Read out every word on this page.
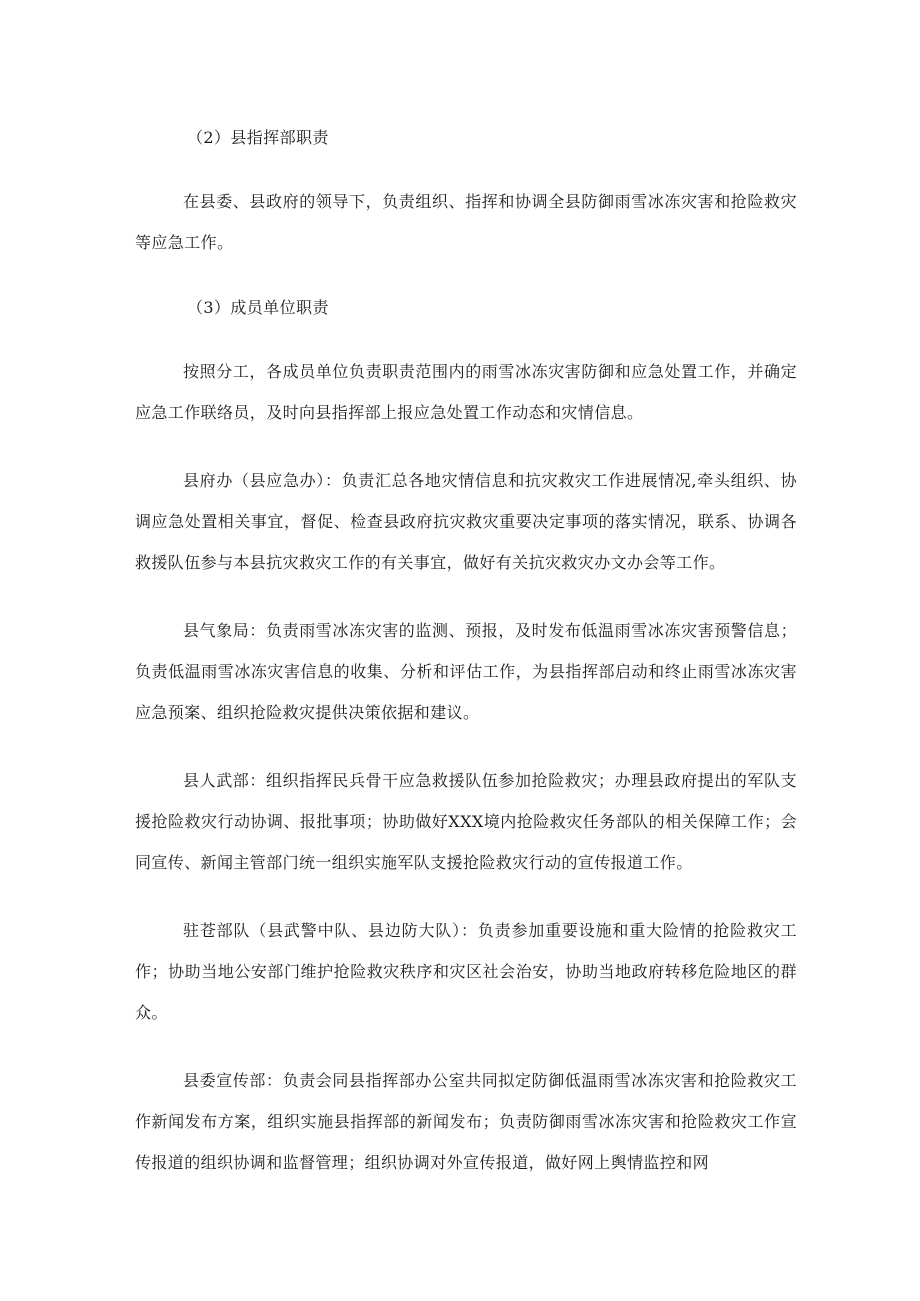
（2）县指挥部职责

在县委、县政府的领导下，负责组织、指挥和协调全县防御雨雪冰冻灾害和抢险救灾等应急工作。

（3）成员单位职责

按照分工，各成员单位负责职责范围内的雨雪冰冻灾害防御和应急处置工作，并确定应急工作联络员，及时向县指挥部上报应急处置工作动态和灾情信息。

县府办（县应急办）：负责汇总各地灾情信息和抗灾救灾工作进展情况,牵头组织、协调应急处置相关事宜，督促、检查县政府抗灾救灾重要决定事项的落实情况，联系、协调各救援队伍参与本县抗灾救灾工作的有关事宜，做好有关抗灾救灾办文办会等工作。

县气象局：负责雨雪冰冻灾害的监测、预报，及时发布低温雨雪冰冻灾害预警信息；负责低温雨雪冰冻灾害信息的收集、分析和评估工作，为县指挥部启动和终止雨雪冰冻灾害应急预案、组织抢险救灾提供决策依据和建议。

县人武部：组织指挥民兵骨干应急救援队伍参加抢险救灾；办理县政府提出的军队支援抢险救灾行动协调、报批事项；协助做好XXX境内抢险救灾任务部队的相关保障工作；会同宣传、新闻主管部门统一组织实施军队支援抢险救灾行动的宣传报道工作。

驻苍部队（县武警中队、县边防大队）：负责参加重要设施和重大险情的抢险救灾工作；协助当地公安部门维护抢险救灾秩序和灾区社会治安，协助当地政府转移危险地区的群众。

县委宣传部：负责会同县指挥部办公室共同拟定防御低温雨雪冰冻灾害和抢险救灾工作新闻发布方案，组织实施县指挥部的新闻发布；负责防御雨雪冰冻灾害和抢险救灾工作宣传报道的组织协调和监督管理；组织协调对外宣传报道，做好网上舆情监控和网
